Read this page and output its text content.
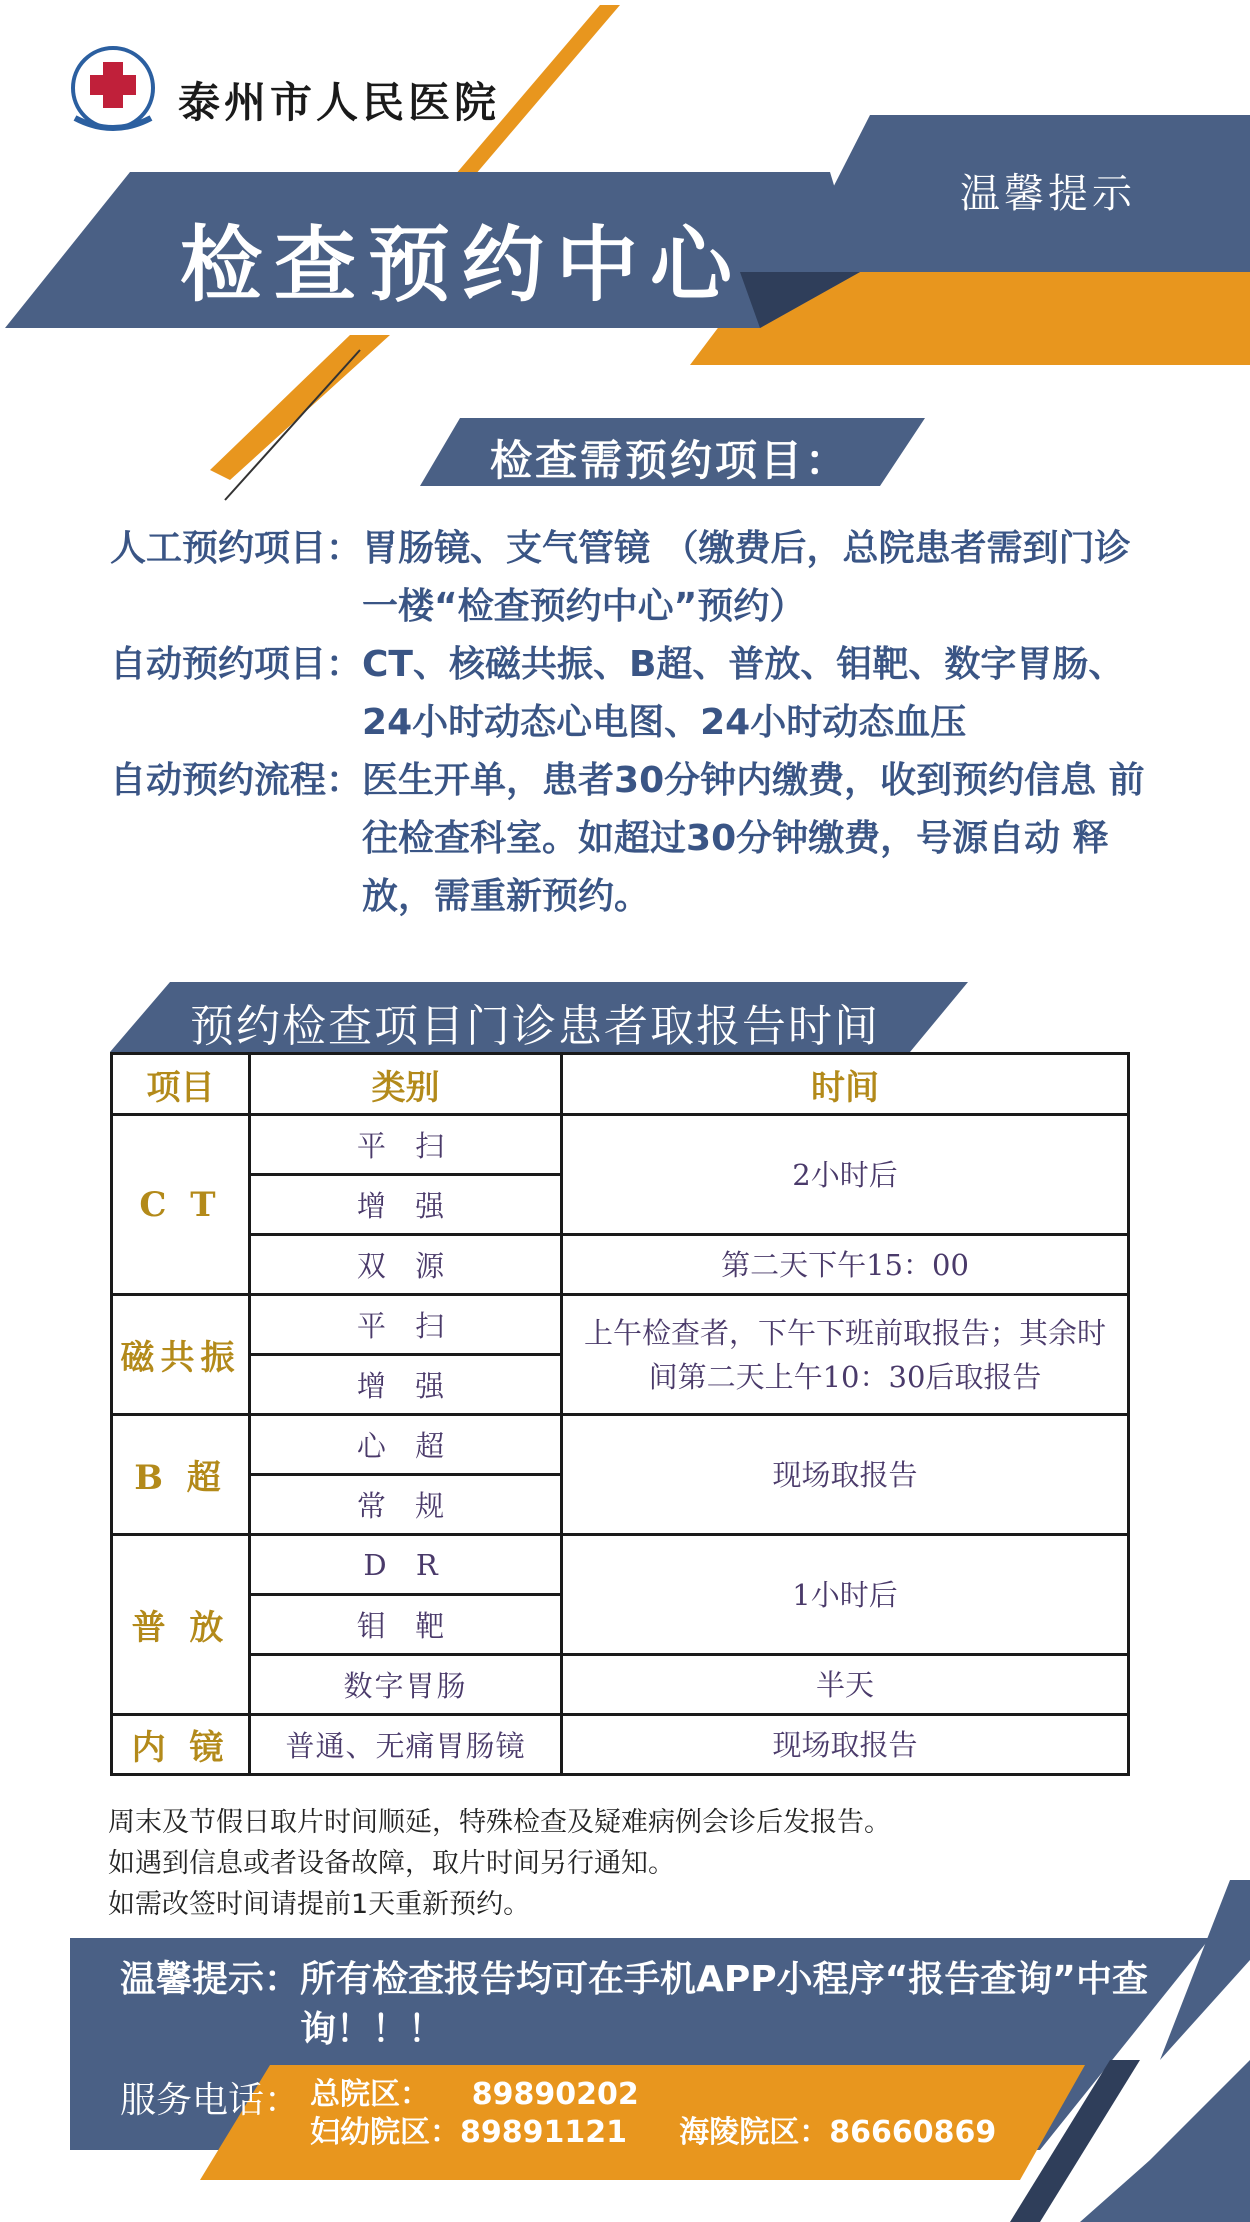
泰州市人民医院
检查预约中心
温馨提示
检查需预约项目：
人工预约项目： 胃肠镜、支气管镜 （缴费后，总院患者需到门诊一楼“检查预约中心”预约）
自动预约项目： CT、核磁共振、B超、普放、钼靶、数字胃肠、24小时动态心电图、24小时动态血压
自动预约流程： 医生开单，患者30分钟内缴费，收到预约信息 前往检查科室。如超过30分钟缴费，号源自动 释放，需重新预约。
预约检查项目门诊患者取报告时间
项目	类别	时间
C T	平 扫	2小时后
	增 强	
	双 源	第二天下午15：00
磁共振	平 扫	上午检查者，下午下班前取报告；其余时间第二天上午10：30后取报告
	增 强	
B 超	心 超	现场取报告
	常 规	
普 放	D R	1小时后
	钼 靶	
	数字胃肠	半天
内 镜	普通、无痛胃肠镜	现场取报告
周末及节假日取片时间顺延，特殊检查及疑难病例会诊后发报告。
如遇到信息或者设备故障，取片时间另行通知。
如需改签时间请提前1天重新预约。
温馨提示： 所有检查报告均可在手机APP小程序“报告查询”中查询！！！
服务电话： 总院区：    89890202
妇幼院区：89891121     海陵院区：86660869
